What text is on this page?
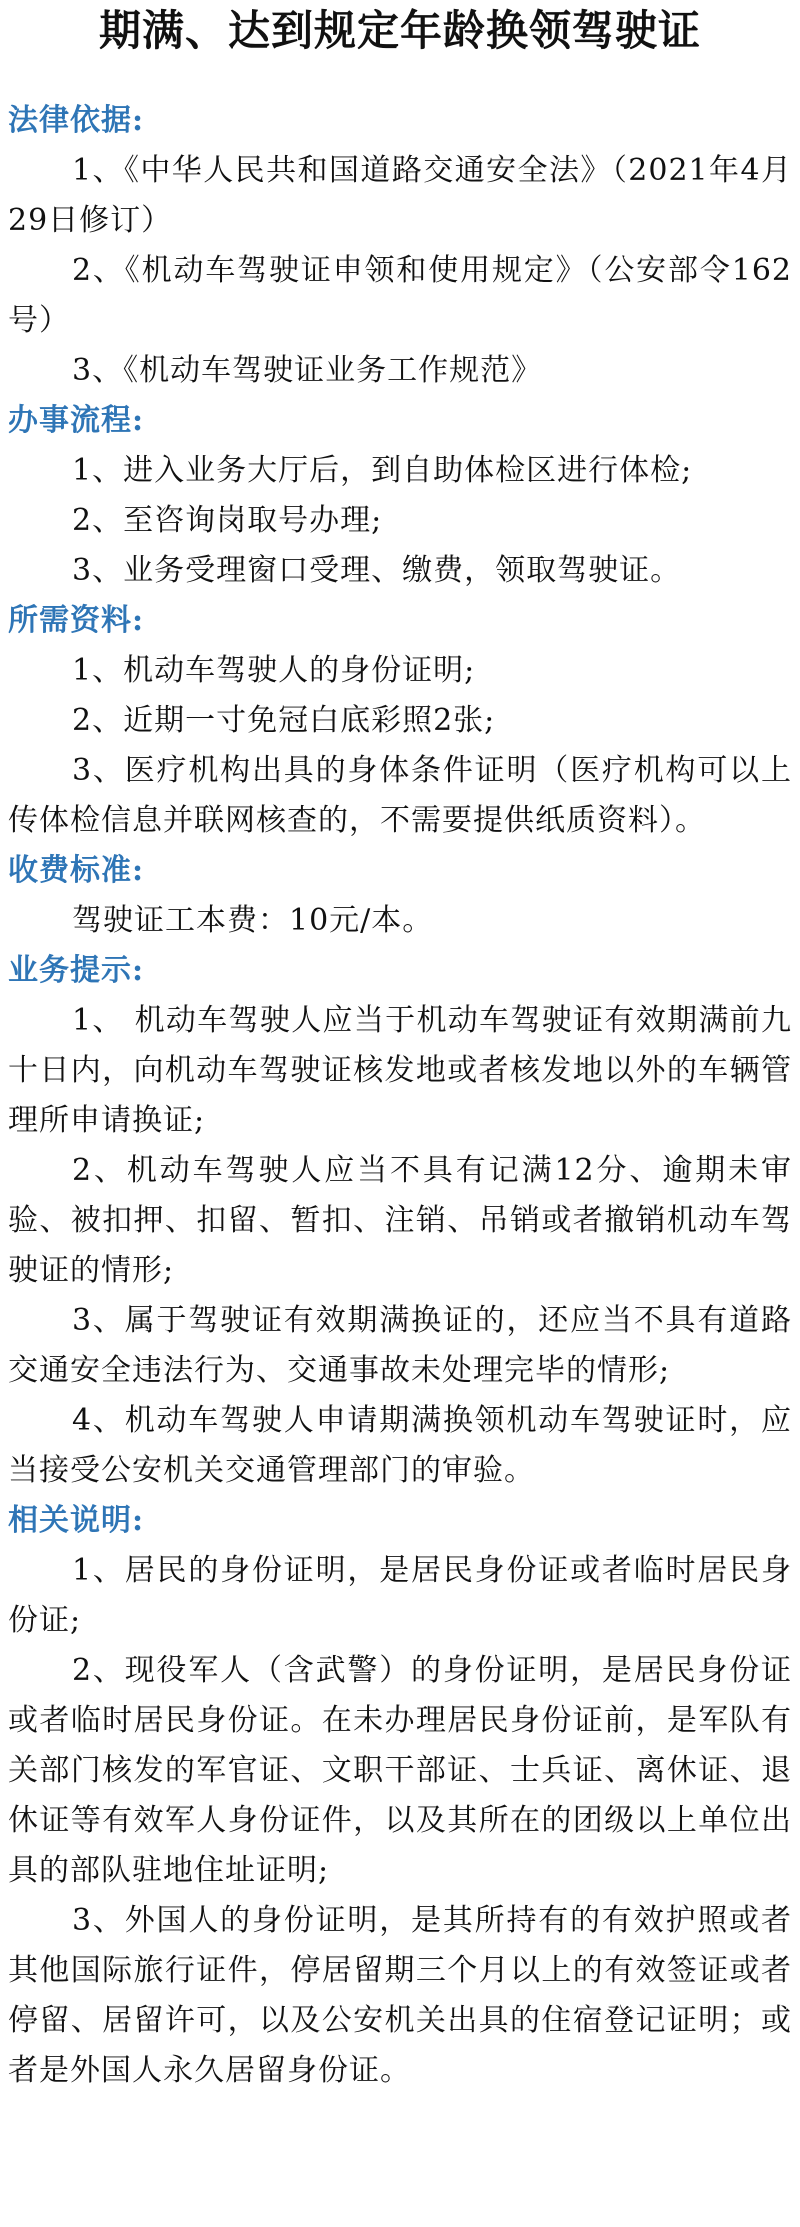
期满、达到规定年龄换领驾驶证
法律依据:

1、《中华人民共和国道路交通安全法》（2021年4月29日修订）

2、《机动车驾驶证申领和使用规定》（公安部令162号）

3、《机动车驾驶证业务工作规范》

办事流程:

1、进入业务大厅后，到自助体检区进行体检;

2、至咨询岗取号办理;

3、业务受理窗口受理、缴费，领取驾驶证。

所需资料:

1、机动车驾驶人的身份证明;

2、近期一寸免冠白底彩照2张;

3、医疗机构出具的身体条件证明（医疗机构可以上传体检信息并联网核查的，不需要提供纸质资料）。

收费标准:

驾驶证工本费：10元/本。

业务提示:

1、 机动车驾驶人应当于机动车驾驶证有效期满前九十日内，向机动车驾驶证核发地或者核发地以外的车辆管理所申请换证;

2、机动车驾驶人应当不具有记满12分、逾期未审验、被扣押、扣留、暂扣、注销、吊销或者撤销机动车驾驶证的情形;

3、属于驾驶证有效期满换证的，还应当不具有道路交通安全违法行为、交通事故未处理完毕的情形;

4、机动车驾驶人申请期满换领机动车驾驶证时，应当接受公安机关交通管理部门的审验。

相关说明:

1、居民的身份证明，是居民身份证或者临时居民身份证;

2、现役军人（含武警）的身份证明，是居民身份证或者临时居民身份证。在未办理居民身份证前，是军队有关部门核发的军官证、文职干部证、士兵证、离休证、退休证等有效军人身份证件，以及其所在的团级以上单位出具的部队驻地住址证明;

3、外国人的身份证明，是其所持有的有效护照或者其他国际旅行证件，停居留期三个月以上的有效签证或者停留、居留许可，以及公安机关出具的住宿登记证明；或者是外国人永久居留身份证。
